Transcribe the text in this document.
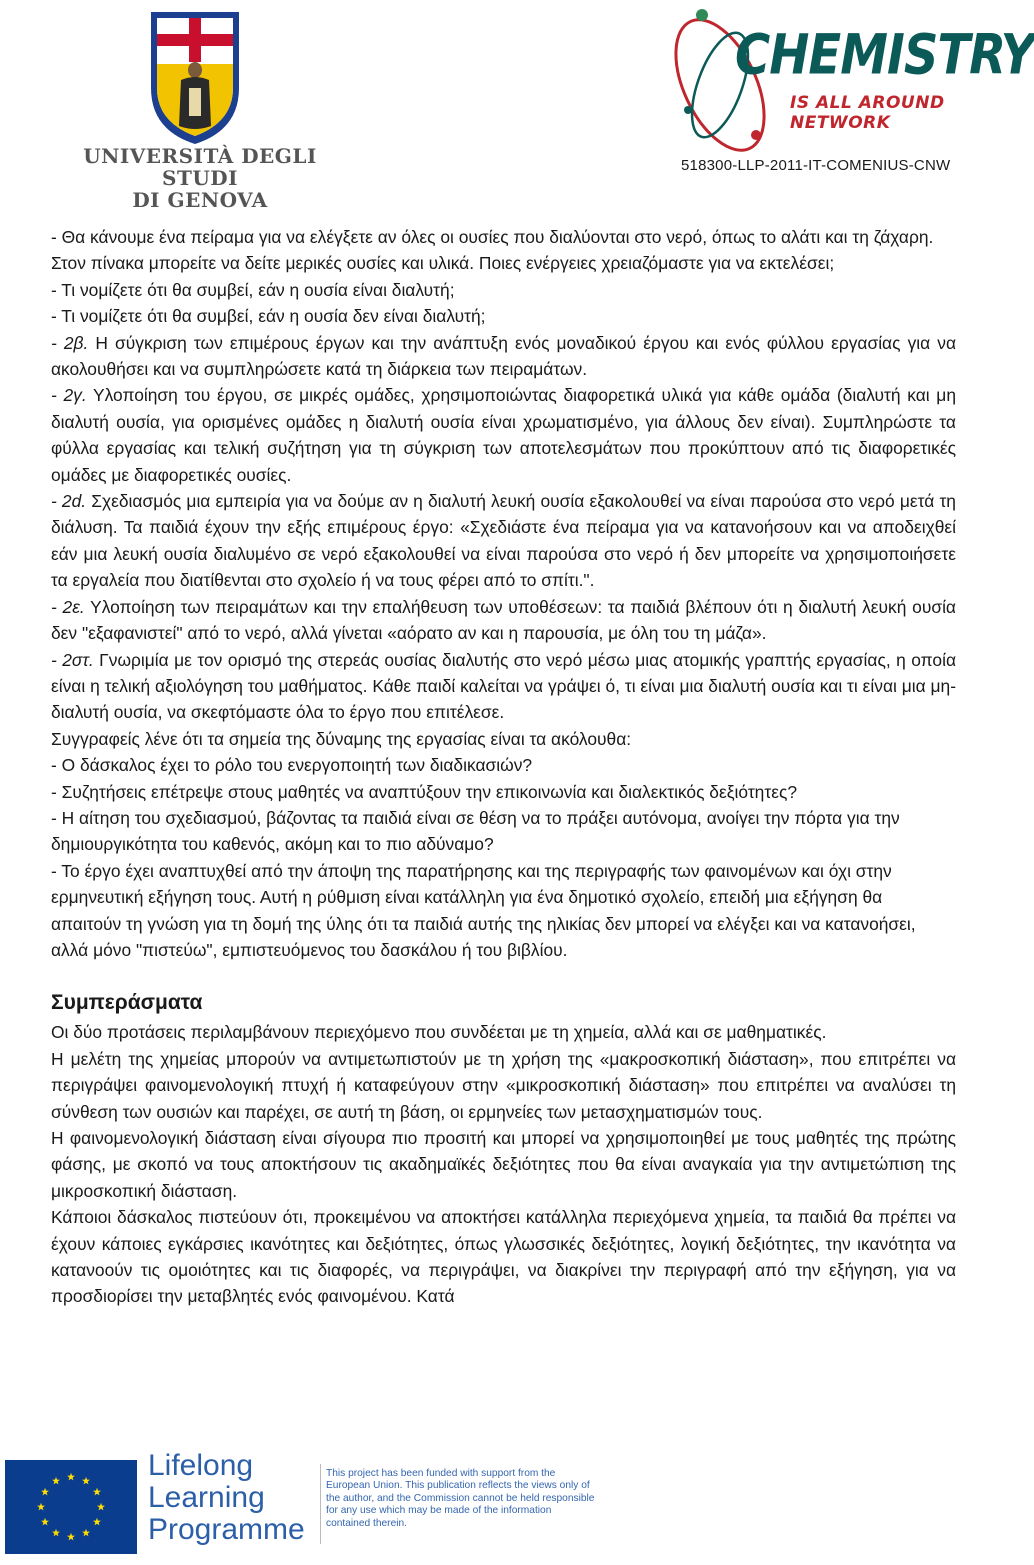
UNIVERSITÀ DEGLI STUDI
DI GENOVA
CHEMISTRY
IS ALL AROUND NETWORK
518300-LLP-2011-IT-COMENIUS-CNW

- Θα κάνουμε ένα πείραμα για να ελέγξετε αν όλες οι ουσίες που διαλύονται στο νερό, όπως το αλάτι και τη ζάχαρη. Στον πίνακα μπορείτε να δείτε μερικές ουσίες και υλικά. Ποιες ενέργειες χρειαζόμαστε για να εκτελέσει;

- Τι νομίζετε ότι θα συμβεί, εάν η ουσία είναι διαλυτή;

- Τι νομίζετε ότι θα συμβεί, εάν η ουσία δεν είναι διαλυτή;

- 2β. Η σύγκριση των επιμέρους έργων και την ανάπτυξη ενός μοναδικού έργου και ενός φύλλου εργασίας για να ακολουθήσει και να συμπληρώσετε κατά τη διάρκεια των πειραμάτων.

- 2γ. Υλοποίηση του έργου, σε μικρές ομάδες, χρησιμοποιώντας διαφορετικά υλικά για κάθε ομάδα (διαλυτή και μη διαλυτή ουσία, για ορισμένες ομάδες η διαλυτή ουσία είναι χρωματισμένο, για άλλους δεν είναι). Συμπληρώστε τα φύλλα εργασίας και τελική συζήτηση για τη σύγκριση των αποτελεσμάτων που προκύπτουν από τις διαφορετικές ομάδες με διαφορετικές ουσίες.

- 2d. Σχεδιασμός μια εμπειρία για να δούμε αν η διαλυτή λευκή ουσία εξακολουθεί να είναι παρούσα στο νερό μετά τη διάλυση. Τα παιδιά έχουν την εξής επιμέρους έργο: «Σχεδιάστε ένα πείραμα για να κατανοήσουν και να αποδειχθεί εάν μια λευκή ουσία διαλυμένο σε νερό εξακολουθεί να είναι παρούσα στο νερό ή δεν μπορείτε να χρησιμοποιήσετε τα εργαλεία που διατίθενται στο σχολείο ή να τους φέρει από το σπίτι.".

- 2ε. Υλοποίηση των πειραμάτων και την επαλήθευση των υποθέσεων: τα παιδιά βλέπουν ότι η διαλυτή λευκή ουσία δεν "εξαφανιστεί" από το νερό, αλλά γίνεται «αόρατο αν και η παρουσία, με όλη του τη μάζα».

- 2στ. Γνωριμία με τον ορισμό της στερεάς ουσίας διαλυτής στο νερό μέσω μιας ατομικής γραπτής εργασίας, η οποία είναι η τελική αξιολόγηση του μαθήματος. Κάθε παιδί καλείται να γράψει ό, τι είναι μια διαλυτή ουσία και τι είναι μια μη-διαλυτή ουσία, να σκεφτόμαστε όλα το έργο που επιτέλεσε.

Συγγραφείς λένε ότι τα σημεία της δύναμης της εργασίας είναι τα ακόλουθα:

- Ο δάσκαλος έχει το ρόλο του ενεργοποιητή των διαδικασιών?

- Συζητήσεις επέτρεψε στους μαθητές να αναπτύξουν την επικοινωνία και διαλεκτικός δεξιότητες?

- Η αίτηση του σχεδιασμού, βάζοντας τα παιδιά είναι σε θέση να το πράξει αυτόνομα, ανοίγει την πόρτα για την δημιουργικότητα του καθενός, ακόμη και το πιο αδύναμο?

- Το έργο έχει αναπτυχθεί από την άποψη της παρατήρησης και της περιγραφής των φαινομένων και όχι στην ερμηνευτική εξήγηση τους. Αυτή η ρύθμιση είναι κατάλληλη για ένα δημοτικό σχολείο, επειδή μια εξήγηση θα απαιτούν τη γνώση για τη δομή της ύλης ότι τα παιδιά αυτής της ηλικίας δεν μπορεί να ελέγξει και να κατανοήσει, αλλά μόνο "πιστεύω", εμπιστευόμενος του δασκάλου ή του βιβλίου.

Συμπεράσματα

Οι δύο προτάσεις περιλαμβάνουν περιεχόμενο που συνδέεται με τη χημεία, αλλά και σε μαθηματικές.

Η μελέτη της χημείας μπορούν να αντιμετωπιστούν με τη χρήση της «μακροσκοπική διάσταση», που επιτρέπει να περιγράψει φαινομενολογική πτυχή ή καταφεύγουν στην «μικροσκοπική διάσταση» που επιτρέπει να αναλύσει τη σύνθεση των ουσιών και παρέχει, σε αυτή τη βάση, οι ερμηνείες των μετασχηματισμών τους.

Η φαινομενολογική διάσταση είναι σίγουρα πιο προσιτή και μπορεί να χρησιμοποιηθεί με τους μαθητές της πρώτης φάσης, με σκοπό να τους αποκτήσουν τις ακαδημαϊκές δεξιότητες που θα είναι αναγκαία για την αντιμετώπιση της μικροσκοπική διάσταση.

Κάποιοι δάσκαλος πιστεύουν ότι, προκειμένου να αποκτήσει κατάλληλα περιεχόμενα χημεία, τα παιδιά θα πρέπει να έχουν κάποιες εγκάρσιες ικανότητες και δεξιότητες, όπως γλωσσικές δεξιότητες, λογική δεξιότητες, την ικανότητα να κατανοούν τις ομοιότητες και τις διαφορές, να περιγράψει, να διακρίνει την περιγραφή από την εξήγηση, για να προσδιορίσει την μεταβλητές ενός φαινομένου. Κατά

Lifelong
Learning
Programme
This project has been funded with support from the European Union. This publication reflects the views only of the author, and the Commission cannot be held responsible for any use which may be made of the information contained therein.
